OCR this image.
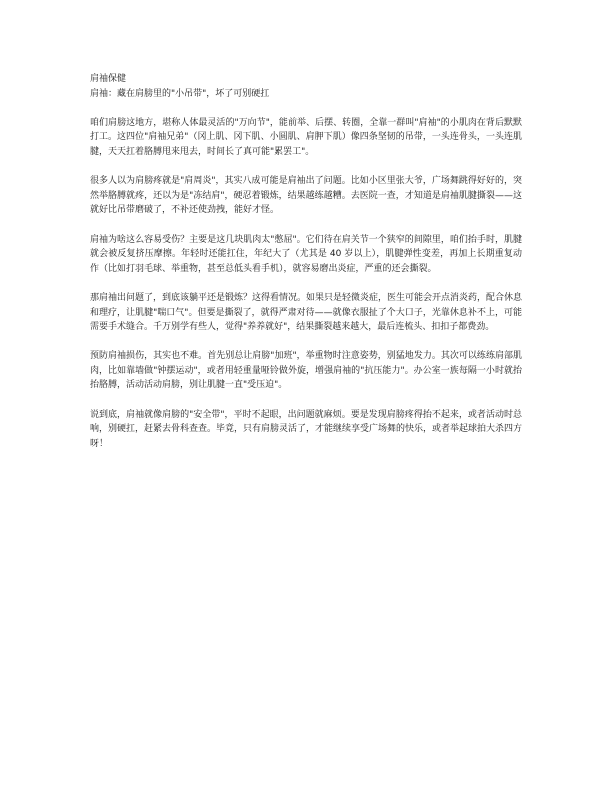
肩袖保健

肩袖：藏在肩膀里的"小吊带"，坏了可别硬扛

咱们肩膀这地方，堪称人体最灵活的"万向节"，能前举、后摆、转圈，全靠一群叫"肩袖"的小肌肉在背后默默打工。这四位"肩袖兄弟"（冈上肌、冈下肌、小圆肌、肩胛下肌）像四条坚韧的吊带，一头连骨头，一头连肌腱，天天扛着胳膊甩来甩去，时间长了真可能"累罢工"。

很多人以为肩膀疼就是"肩周炎"，其实八成可能是肩袖出了问题。比如小区里张大爷，广场舞跳得好好的，突然举胳膊就疼，还以为是"冻结肩"，硬忍着锻炼，结果越练越糟。去医院一查，才知道是肩袖肌腱撕裂——这就好比吊带磨破了，不补还使劲拽，能好才怪。

肩袖为啥这么容易受伤？主要是这几块肌肉太"憋屈"。它们待在肩关节一个狭窄的间隙里，咱们抬手时，肌腱就会被反复挤压摩擦。年轻时还能扛住，年纪大了（尤其是 40 岁以上），肌腱弹性变差，再加上长期重复动作（比如打羽毛球、举重物，甚至总低头看手机），就容易磨出炎症，严重的还会撕裂。

那肩袖出问题了，到底该躺平还是锻炼？这得看情况。如果只是轻微炎症，医生可能会开点消炎药，配合休息和理疗，让肌腱"喘口气"。但要是撕裂了，就得严肃对待——就像衣服扯了个大口子，光靠休息补不上，可能需要手术缝合。千万别学有些人，觉得"养养就好"，结果撕裂越来越大，最后连梳头、扣扣子都费劲。

预防肩袖损伤，其实也不难。首先别总让肩膀"加班"，举重物时注意姿势，别猛地发力。其次可以练练肩部肌肉，比如靠墙做"钟摆运动"，或者用轻重量哑铃做外旋，增强肩袖的"抗压能力"。办公室一族每隔一小时就抬抬胳膊，活动活动肩膀，别让肌腱一直"受压迫"。

说到底，肩袖就像肩膀的"安全带"，平时不起眼，出问题就麻烦。要是发现肩膀疼得抬不起来，或者活动时总响，别硬扛，赶紧去骨科查查。毕竟，只有肩膀灵活了，才能继续享受广场舞的快乐，或者举起球拍大杀四方呀！
